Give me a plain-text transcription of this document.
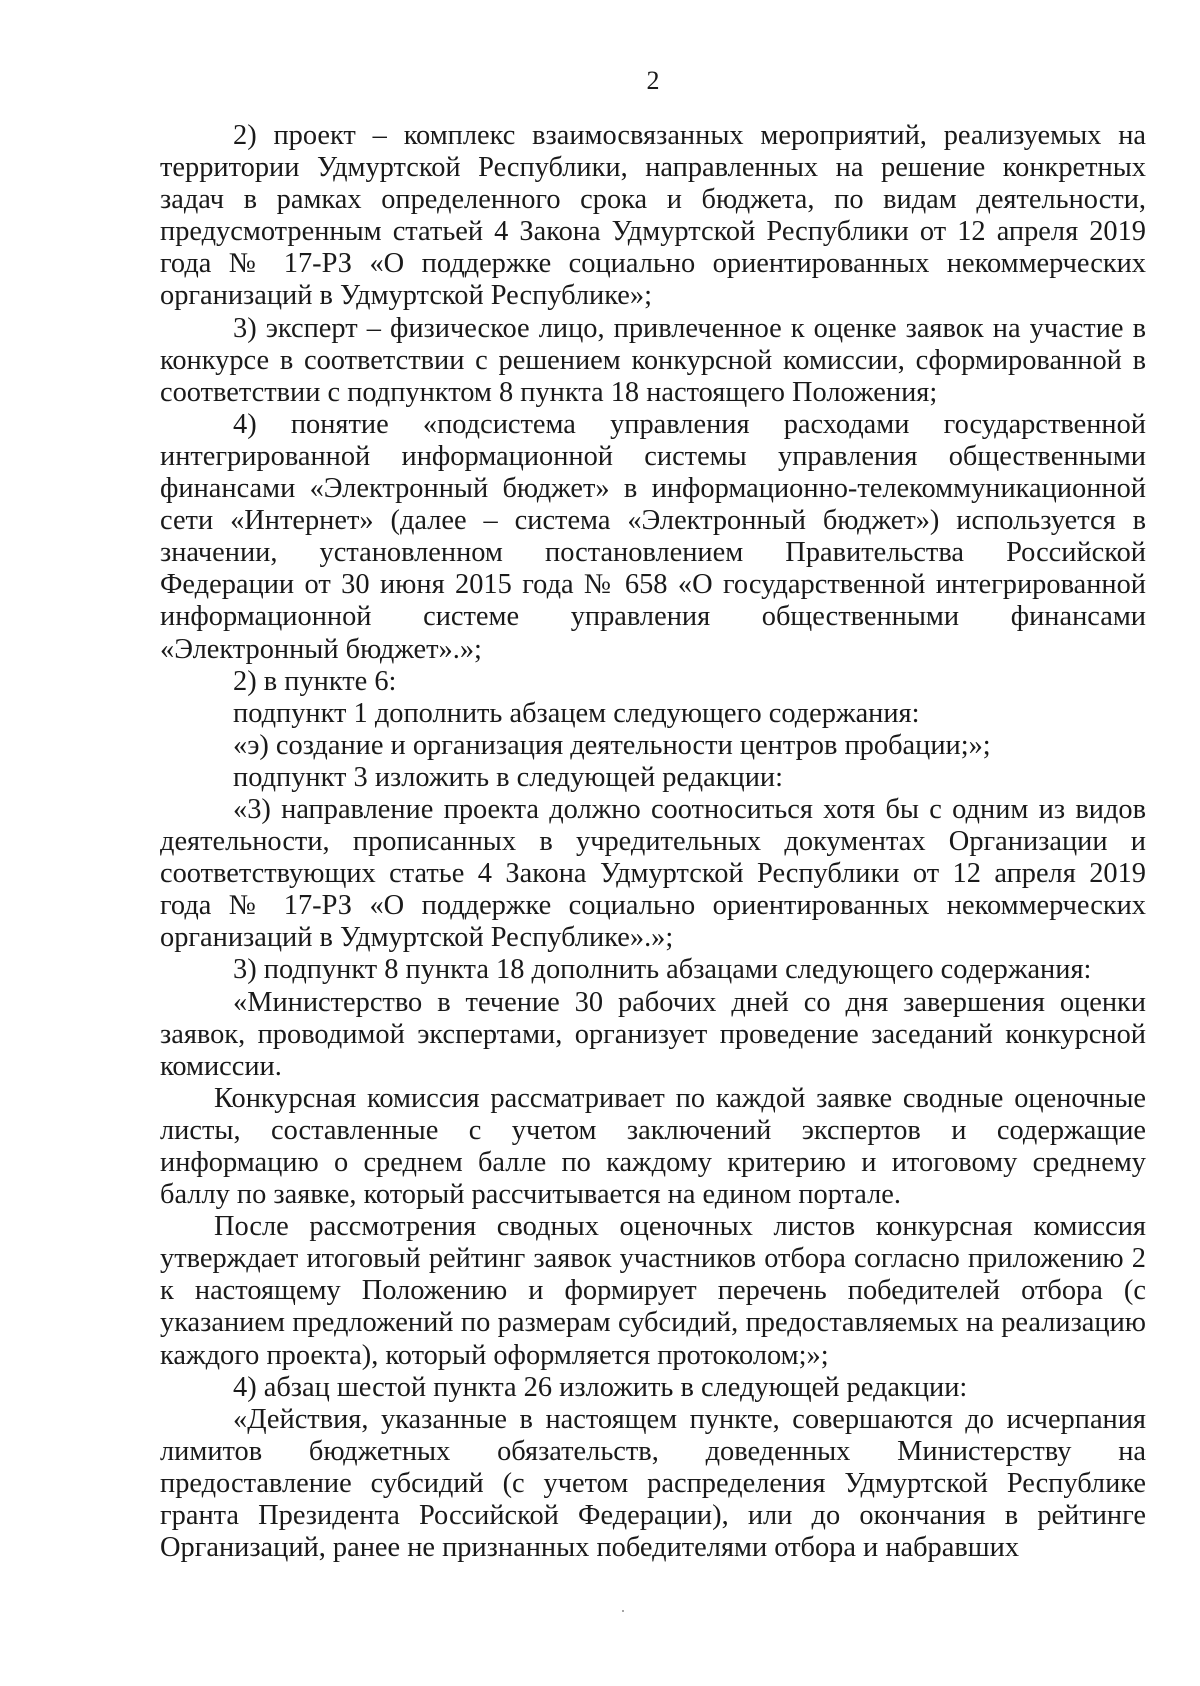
2

2) проект – комплекс взаимосвязанных мероприятий, реализуемых на территории Удмуртской Республики, направленных на решение конкретных задач в рамках определенного срока и бюджета, по видам деятельности, предусмотренным статьей 4 Закона Удмуртской Республики от 12 апреля 2019 года № 17-РЗ «О поддержке социально ориентированных некоммерческих организаций в Удмуртской Республике»;

3) эксперт – физическое лицо, привлеченное к оценке заявок на участие в конкурсе в соответствии с решением конкурсной комиссии, сформированной в соответствии с подпунктом 8 пункта 18 настоящего Положения;

4) понятие «подсистема управления расходами государственной интегрированной информационной системы управления общественными финансами «Электронный бюджет» в информационно-телекоммуникационной сети «Интернет» (далее – система «Электронный бюджет») используется в значении, установленном постановлением Правительства Российской Федерации от 30 июня 2015 года № 658 «О государственной интегрированной информационной системе управления общественными финансами «Электронный бюджет».»;

2) в пункте 6:

подпункт 1 дополнить абзацем следующего содержания:

«э) создание и организация деятельности центров пробации;»;

подпункт 3 изложить в следующей редакции:

«3) направление проекта должно соотноситься хотя бы с одним из видов деятельности, прописанных в учредительных документах Организации и соответствующих статье 4 Закона Удмуртской Республики от 12 апреля 2019 года № 17-РЗ «О поддержке социально ориентированных некоммерческих организаций в Удмуртской Республике».»;

3) подпункт 8 пункта 18 дополнить абзацами следующего содержания:

«Министерство в течение 30 рабочих дней со дня завершения оценки заявок, проводимой экспертами, организует проведение заседаний конкурсной комиссии.

Конкурсная комиссия рассматривает по каждой заявке сводные оценочные листы, составленные с учетом заключений экспертов и содержащие информацию о среднем балле по каждому критерию и итоговому среднему баллу по заявке, который рассчитывается на едином портале.

После рассмотрения сводных оценочных листов конкурсная комиссия утверждает итоговый рейтинг заявок участников отбора согласно приложению 2 к настоящему Положению и формирует перечень победителей отбора (с указанием предложений по размерам субсидий, предоставляемых на реализацию каждого проекта), который оформляется протоколом;»;

4) абзац шестой пункта 26 изложить в следующей редакции:

«Действия, указанные в настоящем пункте, совершаются до исчерпания лимитов бюджетных обязательств, доведенных Министерству на предоставление субсидий (с учетом распределения Удмуртской Республике гранта Президента Российской Федерации), или до окончания в рейтинге Организаций, ранее не признанных победителями отбора и набравших
